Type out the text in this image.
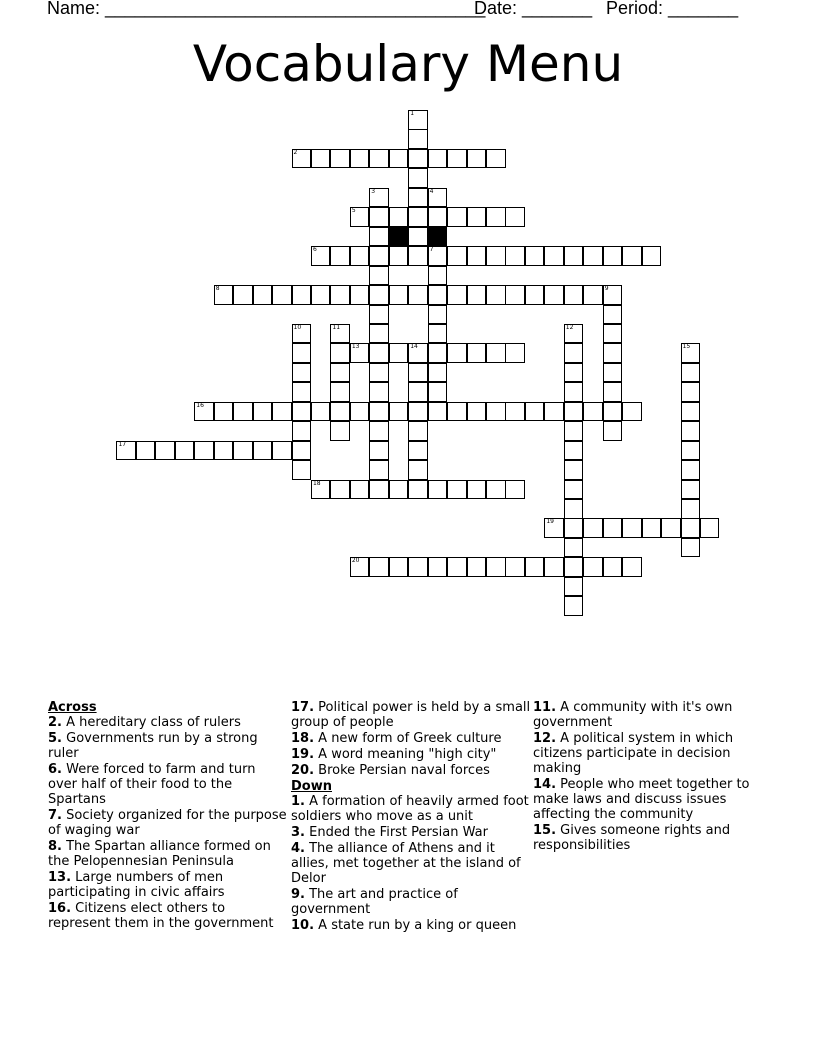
Name: ______________________________________
Date: _______ Period: _______
Vocabulary Menu
1
2
3	4
7
5
6
8	9
10	11	12
13	14	15
16
17
18
19
20
Across
2. A hereditary class of rulers
5. Governments run by a strong ruler
6. Were forced to farm and turn over half of their food to the Spartans
7. Society organized for the purpose of waging war
8. The Spartan alliance formed on the Pelopennesian Peninsula
13. Large numbers of men participating in civic affairs
16. Citizens elect others to represent them in the government
17. Political power is held by a small group of people
18. A new form of Greek culture
19. A word meaning "high city"
20. Broke Persian naval forces
Down
1. A formation of heavily armed foot soldiers who move as a unit
3. Ended the First Persian War
4. The alliance of Athens and it allies, met together at the island of Delor
9. The art and practice of government
10. A state run by a king or queen
11. A community with it's own government
12. A political system in which citizens participate in decision making
14. People who meet together to make laws and discuss issues affecting the community
15. Gives someone rights and responsibilities
